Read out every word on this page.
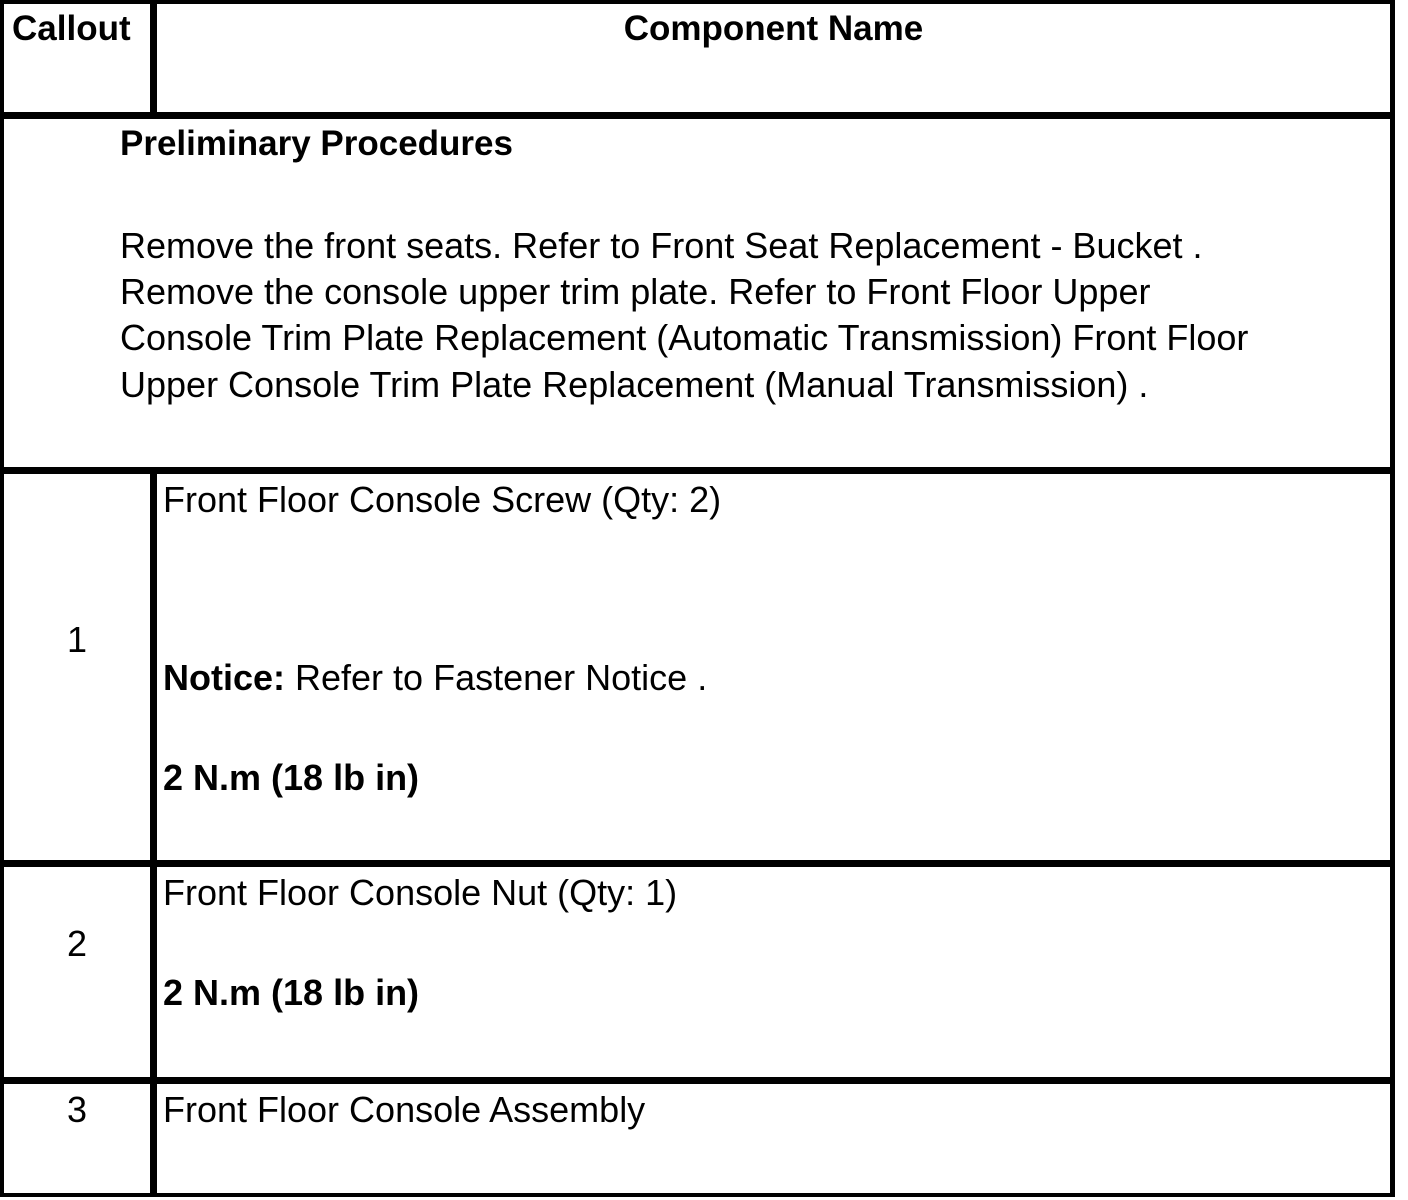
Callout	Component Name
Preliminary Procedures
Remove the front seats. Refer to Front Seat Replacement - Bucket .
Remove the console upper trim plate. Refer to Front Floor Upper
Console Trim Plate Replacement (Automatic Transmission) Front Floor
Upper Console Trim Plate Replacement (Manual Transmission) .
1
Front Floor Console Screw (Qty: 2)
Notice: Refer to Fastener Notice .
2 N.m (18 lb in)
2
Front Floor Console Nut (Qty: 1)
2 N.m (18 lb in)
3	Front Floor Console Assembly
